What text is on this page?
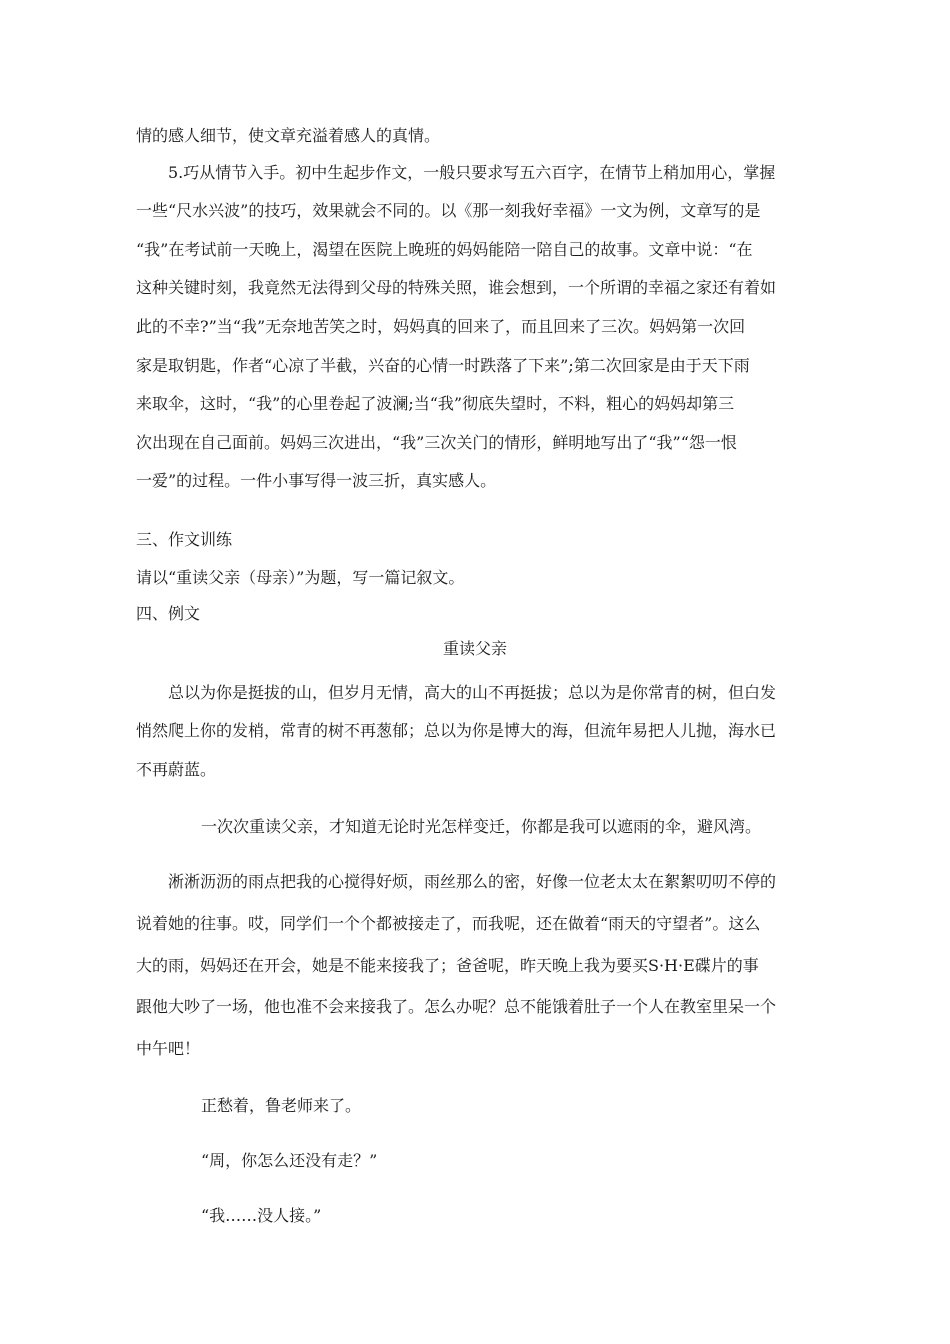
情的感人细节，使文章充溢着感人的真情。

5.巧从情节入手。初中生起步作文，一般只要求写五六百字，在情节上稍加用心，掌握

一些“尺水兴波”的技巧，效果就会不同的。以《那一刻我好幸福》一文为例，文章写的是

“我”在考试前一天晚上，渴望在医院上晚班的妈妈能陪一陪自己的故事。文章中说：“在

这种关键时刻，我竟然无法得到父母的特殊关照，谁会想到，一个所谓的幸福之家还有着如

此的不幸?”当“我”无奈地苦笑之时，妈妈真的回来了，而且回来了三次。妈妈第一次回

家是取钥匙，作者“心凉了半截，兴奋的心情一时跌落了下来”;第二次回家是由于天下雨

来取伞，这时，“我”的心里卷起了波澜;当“我”彻底失望时，不料，粗心的妈妈却第三

次出现在自己面前。妈妈三次进出，“我”三次关门的情形，鲜明地写出了“我”“怨一恨

一爱”的过程。一件小事写得一波三折，真实感人。

三、作文训练

请以“重读父亲（母亲）”为题，写一篇记叙文。

四、例文

重读父亲

总以为你是挺拔的山，但岁月无情，高大的山不再挺拔；总以为是你常青的树，但白发

悄然爬上你的发梢，常青的树不再葱郁；总以为你是博大的海，但流年易把人儿抛，海水已

不再蔚蓝。

一次次重读父亲，才知道无论时光怎样变迁，你都是我可以遮雨的伞，避风湾。

淅淅沥沥的雨点把我的心搅得好烦，雨丝那么的密，好像一位老太太在絮絮叨叨不停的

说着她的往事。哎，同学们一个个都被接走了，而我呢，还在做着“雨天的守望者”。这么

大的雨，妈妈还在开会，她是不能来接我了；爸爸呢，昨天晚上我为要买S·H·E碟片的事

跟他大吵了一场，他也准不会来接我了。怎么办呢？总不能饿着肚子一个人在教室里呆一个

中午吧！

正愁着，鲁老师来了。

“周，你怎么还没有走？”

“我……没人接。”
